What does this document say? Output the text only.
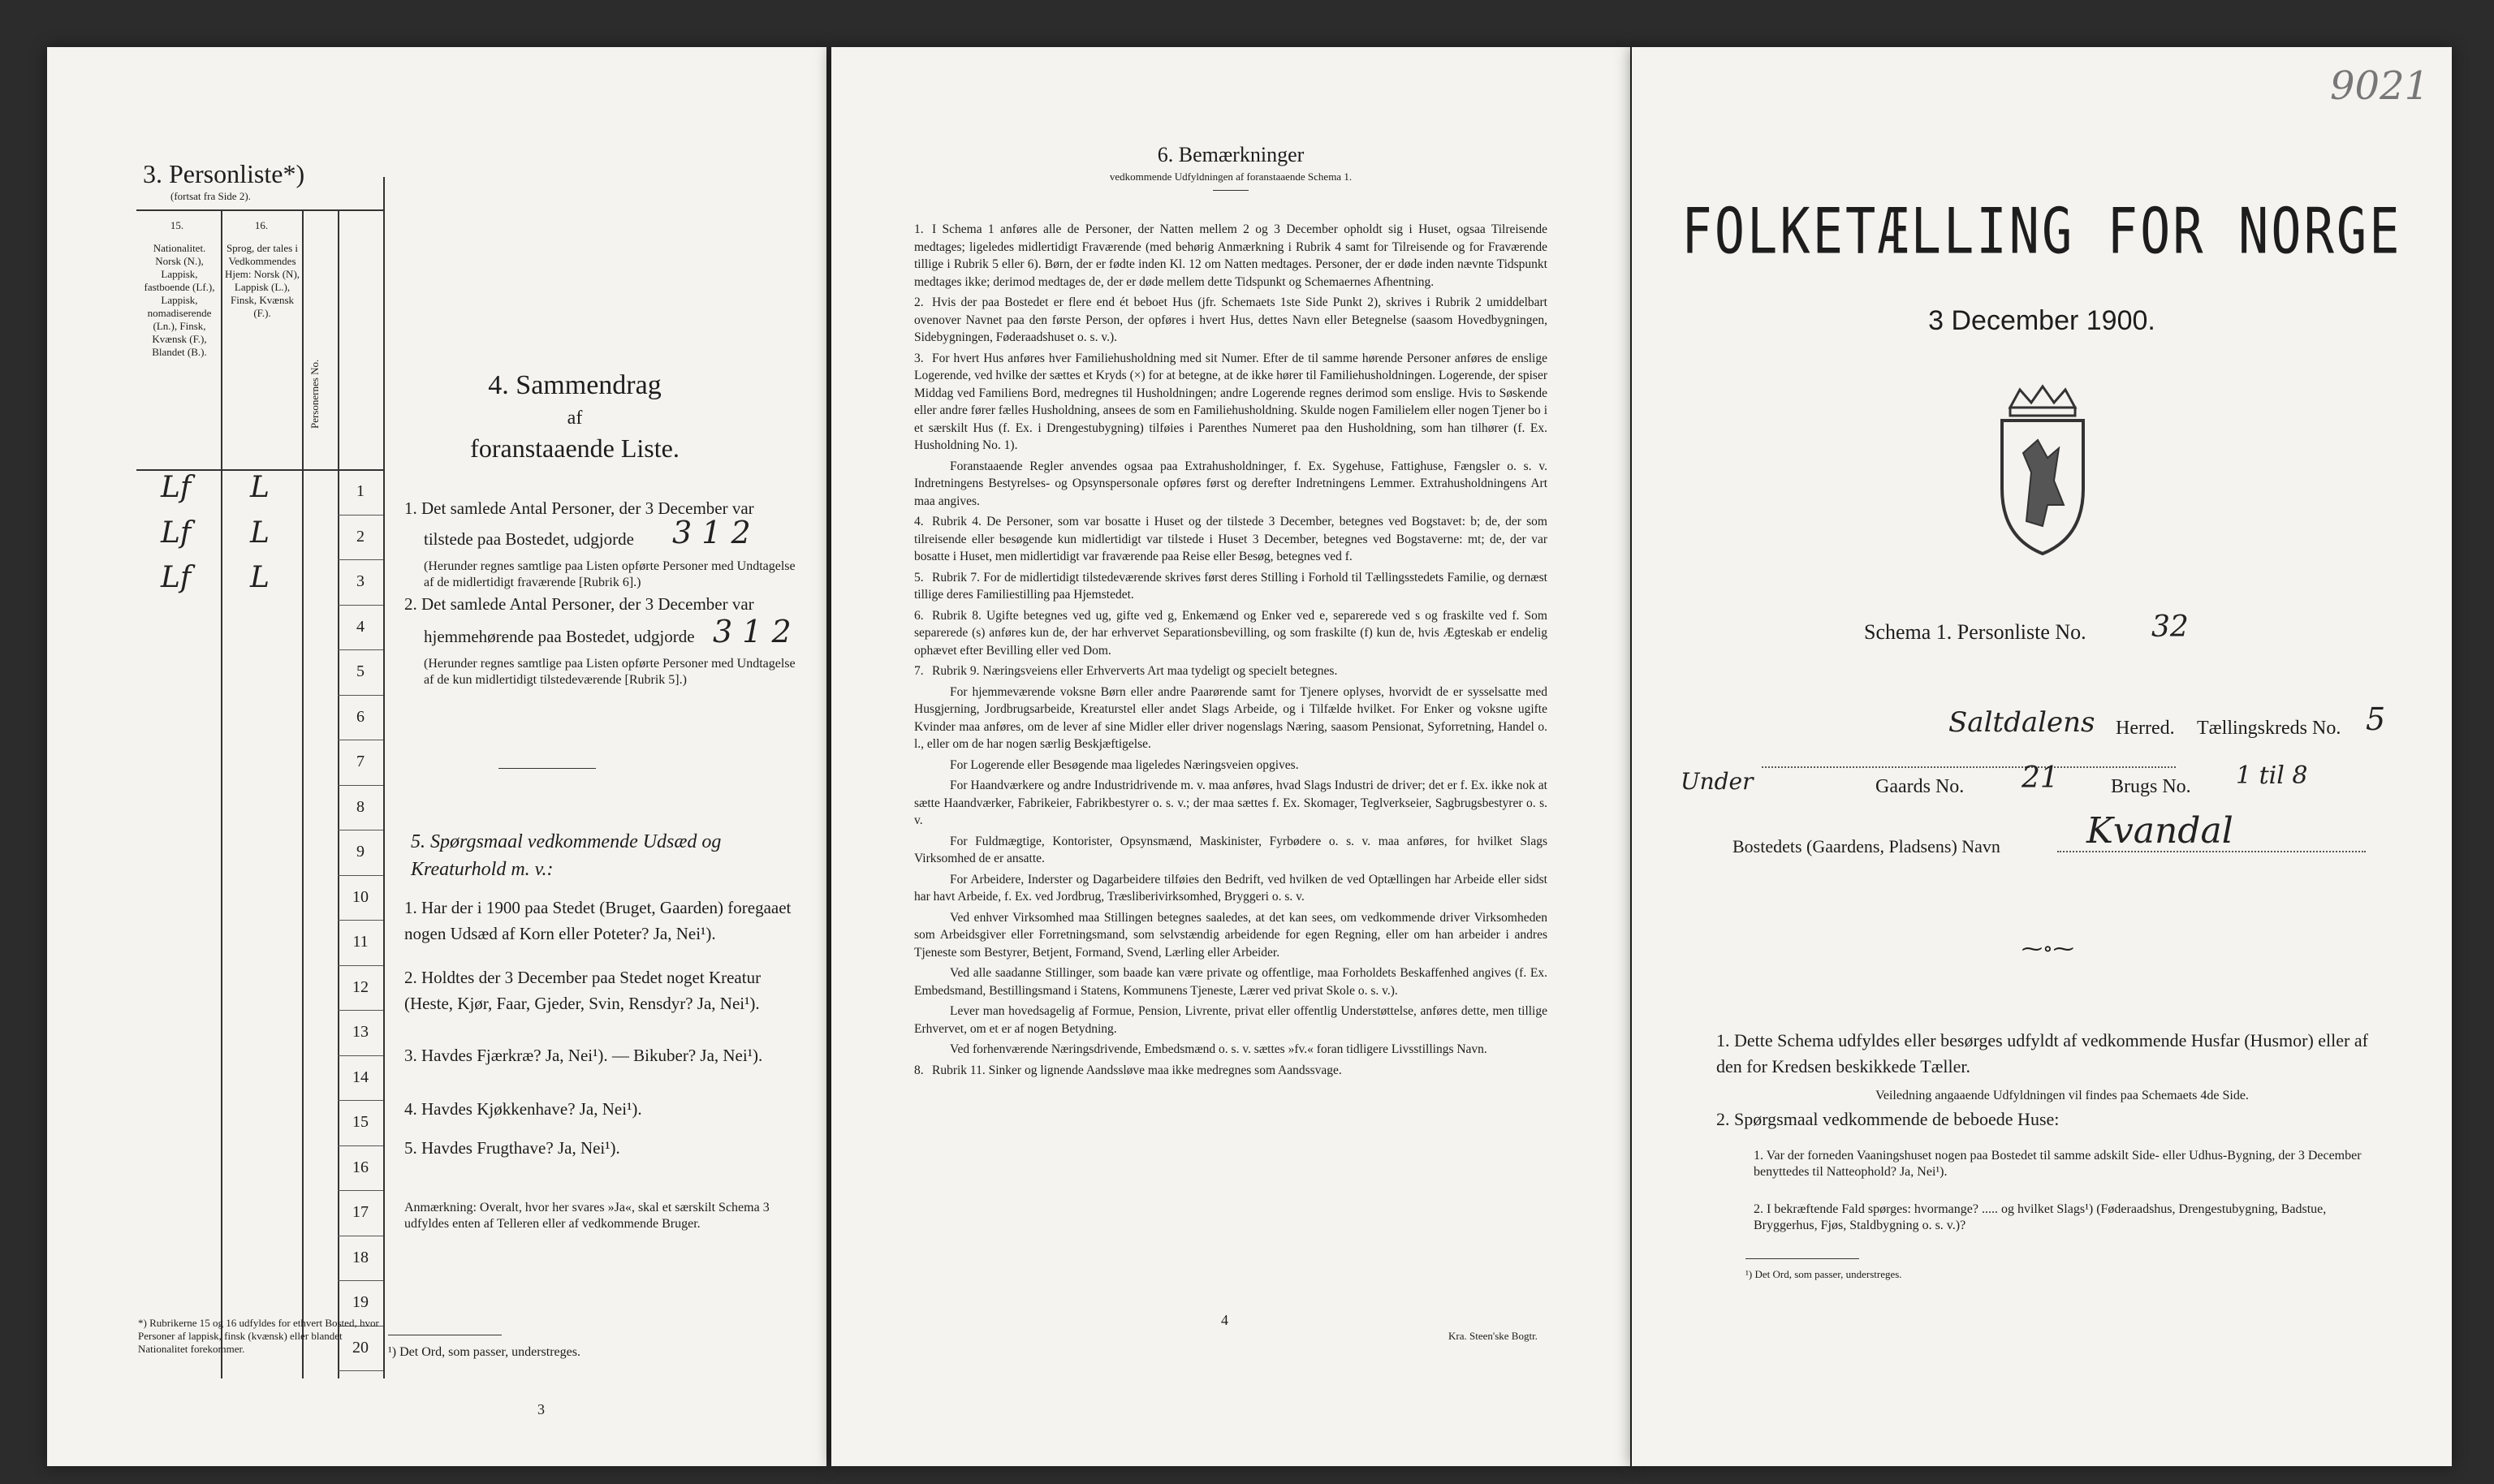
3. Personliste*)
(fortsat fra Side 2).
15.	16.
Nationalitet. Norsk (N.), Lappisk, fastboende (Lf.), Lappisk, nomadiserende (Ln.), Finsk, Kvænsk (F.), Blandet (B.).
Sprog, der tales i Vedkommendes Hjem: Norsk (N), Lappisk (L.), Finsk, Kvænsk (F.).
Personernes No.
1
Lf L
2
Lf L
3
Lf L
4
5
6
7
8
9
10
11
12
13
14
15
16
17
18
19
20
*) Rubrikerne 15 og 16 udfyldes for ethvert Bosted, hvor Personer af lappisk, finsk (kvænsk) eller blandet Nationalitet forekommer.
4. Sammendrag
af
foranstaaende Liste.
1. Det samlede Antal Personer, der 3 December var
tilstede paa Bostedet, udgjorde	3 1 2
(Herunder regnes samtlige paa Listen opførte Personer med Undtagelse af de midlertidigt fraværende [Rubrik 6].)
2. Det samlede Antal Personer, der 3 December var
hjemmehørende paa Bostedet, udgjorde 3 1 2
(Herunder regnes samtlige paa Listen opførte Personer med Undtagelse af de kun midlertidigt tilstedeværende [Rubrik 5].)
5. Spørgsmaal vedkommende Udsæd og Kreaturhold m. v.:
1. Har der i 1900 paa Stedet (Bruget, Gaarden) foregaaet nogen Udsæd af Korn eller Poteter? Ja, Nei¹).
2. Holdtes der 3 December paa Stedet noget Kreatur (Heste, Kjør, Faar, Gjeder, Svin, Rensdyr? Ja, Nei¹).
3. Havdes Fjærkræ? Ja, Nei¹). — Bikuber? Ja, Nei¹).
4. Havdes Kjøkkenhave? Ja, Nei¹).
5. Havdes Frugthave? Ja, Nei¹).
Anmærkning: Overalt, hvor her svares »Ja«, skal et særskilt Schema 3 udfyldes enten af Telleren eller af vedkommende Bruger.
¹) Det Ord, som passer, understreges.
3
6. Bemærkninger
vedkommende Udfyldningen af foranstaaende Schema 1.

1. I Schema 1 anføres alle de Personer, der Natten mellem 2 og 3 December opholdt sig i Huset, ogsaa Tilreisende medtages; ligeledes midlertidigt Fraværende (med behørig Anmærkning i Rubrik 4 samt for Tilreisende og for Fraværende tillige i Rubrik 5 eller 6). Børn, der er fødte inden Kl. 12 om Natten medtages. Personer, der er døde inden nævnte Tidspunkt medtages ikke; derimod medtages de, der er døde mellem dette Tidspunkt og Schemaernes Afhentning.

2. Hvis der paa Bostedet er flere end ét beboet Hus (jfr. Schemaets 1ste Side Punkt 2), skrives i Rubrik 2 umiddelbart ovenover Navnet paa den første Person, der opføres i hvert Hus, dettes Navn eller Betegnelse (saasom Hovedbygningen, Sidebygningen, Føderaadshuset o. s. v.).

3. For hvert Hus anføres hver Familiehusholdning med sit Numer. Efter de til samme hørende Personer anføres de enslige Logerende, ved hvilke der sættes et Kryds (×) for at betegne, at de ikke hører til Familiehusholdningen. Logerende, der spiser Middag ved Familiens Bord, medregnes til Husholdningen; andre Logerende regnes derimod som enslige. Hvis to Søskende eller andre fører fælles Husholdning, ansees de som en Familiehusholdning. Skulde nogen Familielem eller nogen Tjener bo i et særskilt Hus (f. Ex. i Drengestubygning) tilføies i Parenthes Numeret paa den Husholdning, som han tilhører (f. Ex. Husholdning No. 1).

Foranstaaende Regler anvendes ogsaa paa Extrahusholdninger, f. Ex. Sygehuse, Fattighuse, Fængsler o. s. v. Indretningens Bestyrelses- og Opsynspersonale opføres først og derefter Indretningens Lemmer. Extrahusholdningens Art maa angives.

4. Rubrik 4. De Personer, som var bosatte i Huset og der tilstede 3 December, betegnes ved Bogstavet: b; de, der som tilreisende eller besøgende kun midlertidigt var tilstede i Huset 3 December, betegnes ved Bogstaverne: mt; de, der var bosatte i Huset, men midlertidigt var fraværende paa Reise eller Besøg, betegnes ved f.

5. Rubrik 7. For de midlertidigt tilstedeværende skrives først deres Stilling i Forhold til Tællingsstedets Familie, og dernæst tillige deres Familiestilling paa Hjemstedet.

6. Rubrik 8. Ugifte betegnes ved ug, gifte ved g, Enkemænd og Enker ved e, separerede ved s og fraskilte ved f. Som separerede (s) anføres kun de, der har erhvervet Separationsbevilling, og som fraskilte (f) kun de, hvis Ægteskab er endelig ophævet efter Bevilling eller ved Dom.

7. Rubrik 9. Næringsveiens eller Erhververts Art maa tydeligt og specielt betegnes.

For hjemmeværende voksne Børn eller andre Paarørende samt for Tjenere oplyses, hvorvidt de er sysselsatte med Husgjerning, Jordbrugsarbeide, Kreaturstel eller andet Slags Arbeide, og i Tilfælde hvilket. For Enker og voksne ugifte Kvinder maa anføres, om de lever af sine Midler eller driver nogenslags Næring, saasom Pensionat, Syforretning, Handel o. l., eller om de har nogen særlig Beskjæftigelse.

For Logerende eller Besøgende maa ligeledes Næringsveien opgives.

For Haandværkere og andre Industridrivende m. v. maa anføres, hvad Slags Industri de driver; det er f. Ex. ikke nok at sætte Haandværker, Fabrikeier, Fabrikbestyrer o. s. v.; der maa sættes f. Ex. Skomager, Teglverkseier, Sagbrugsbestyrer o. s. v.

For Fuldmægtige, Kontorister, Opsynsmænd, Maskinister, Fyrbødere o. s. v. maa anføres, for hvilket Slags Virksomhed de er ansatte.

For Arbeidere, Inderster og Dagarbeidere tilføies den Bedrift, ved hvilken de ved Optællingen har Arbeide eller sidst har havt Arbeide, f. Ex. ved Jordbrug, Træsliberivirksomhed, Bryggeri o. s. v.

Ved enhver Virksomhed maa Stillingen betegnes saaledes, at det kan sees, om vedkommende driver Virksomheden som Arbeidsgiver eller Forretningsmand, som selvstændig arbeidende for egen Regning, eller om han arbeider i andres Tjeneste som Bestyrer, Betjent, Formand, Svend, Lærling eller Arbeider.

Ved alle saadanne Stillinger, som baade kan være private og offentlige, maa Forholdets Beskaffenhed angives (f. Ex. Embedsmand, Bestillingsmand i Statens, Kommunens Tjeneste, Lærer ved privat Skole o. s. v.).

Lever man hovedsagelig af Formue, Pension, Livrente, privat eller offentlig Understøttelse, anføres dette, men tillige Erhvervet, om et er af nogen Betydning.

Ved forhenværende Næringsdrivende, Embedsmænd o. s. v. sættes »fv.« foran tidligere Livsstillings Navn.

8. Rubrik 11. Sinker og lignende Aandssløve maa ikke medregnes som Aandssvage.

4
Kra. Steen'ske Bogtr.
9021
FOLKETÆLLING FOR NORGE
3 December 1900.
Schema 1. Personliste No. 32
Saltdalens Herred. Tællingskreds No. 5
Under	Gaards No. 21	Brugs No. 1 til 8
Bostedets (Gaardens, Pladsens) Navn Kvandal
⁓∘⁓
1. Dette Schema udfyldes eller besørges udfyldt af vedkommende Husfar (Husmor) eller af den for Kredsen beskikkede Tæller.
Veiledning angaaende Udfyldningen vil findes paa Schemaets 4de Side.
2. Spørgsmaal vedkommende de beboede Huse:
1. Var der forneden Vaaningshuset nogen paa Bostedet til samme adskilt Side- eller Udhus-Bygning, der 3 December benyttedes til Natteophold? Ja, Nei¹).
2. I bekræftende Fald spørges: hvormange? ..... og hvilket Slags¹) (Føderaadshus, Drengestubygning, Badstue, Bryggerhus, Fjøs, Staldbygning o. s. v.)?
¹) Det Ord, som passer, understreges.
